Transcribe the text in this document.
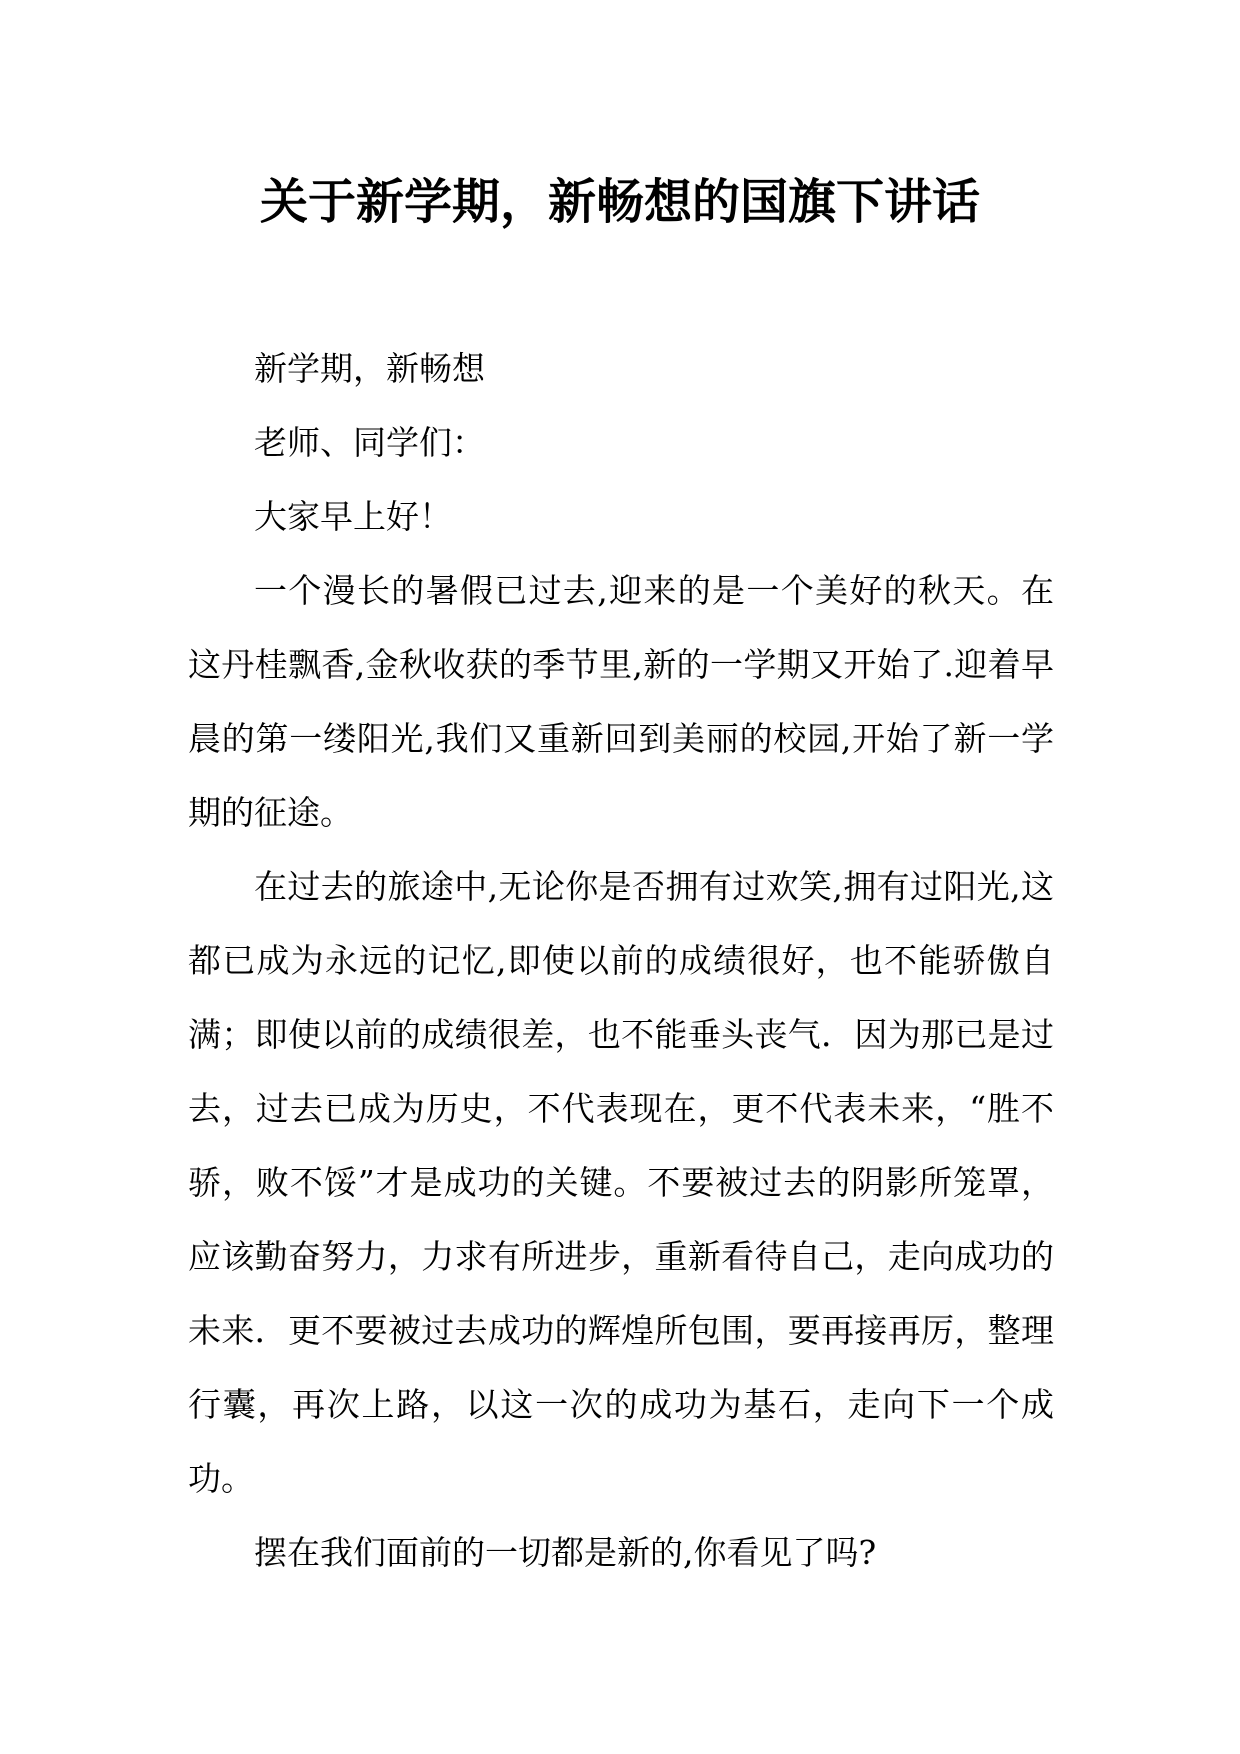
关于新学期，新畅想的国旗下讲话

新学期，新畅想

老师、同学们：

大家早上好！

一个漫长的暑假已过去,迎来的是一个美好的秋天。在这丹桂飘香,金秋收获的季节里,新的一学期又开始了.迎着早晨的第一缕阳光,我们又重新回到美丽的校园,开始了新一学期的征途。

在过去的旅途中,无论你是否拥有过欢笑,拥有过阳光,这都已成为永远的记忆,即使以前的成绩很好，也不能骄傲自满；即使以前的成绩很差，也不能垂头丧气．因为那已是过去，过去已成为历史，不代表现在，更不代表未来，“胜不骄，败不馁”才是成功的关键。不要被过去的阴影所笼罩，应该勤奋努力，力求有所进步，重新看待自己，走向成功的未来．更不要被过去成功的辉煌所包围，要再接再厉，整理行囊，再次上路，以这一次的成功为基石，走向下一个成功。

摆在我们面前的一切都是新的,你看见了吗?
